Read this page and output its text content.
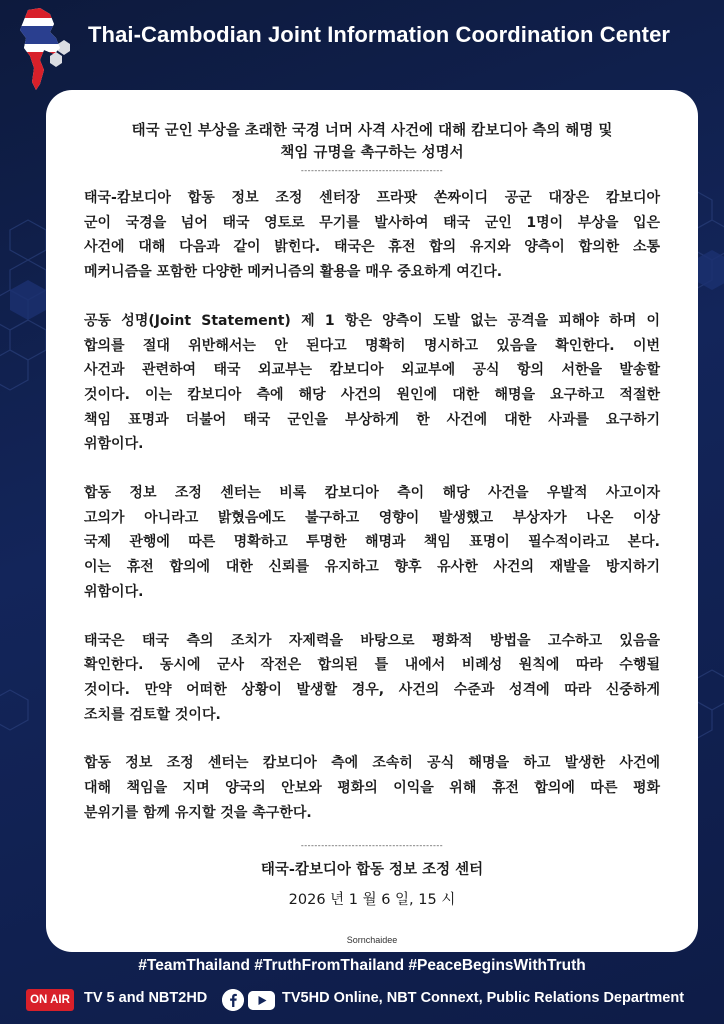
Thai-Cambodian Joint Information Coordination Center
태국 군인 부상을 초래한 국경 너머 사격 사건에 대해 캄보디아 측의 해명 및
책임 규명을 촉구하는 성명서
------------------------------------------
태국-캄보디아 합동 정보 조정 센터장 프라팟 쏜짜이디 공군 대장은 캄보디아
군이 국경을 넘어 태국 영토로 무기를 발사하여 태국 군인 1명이 부상을 입은
사건에 대해 다음과 같이 밝힌다. 태국은 휴전 합의 유지와 양측이 합의한 소통
메커니즘을 포함한 다양한 메커니즘의 활용을 매우 중요하게 여긴다.
공동 성명(Joint Statement) 제 1 항은 양측이 도발 없는 공격을 피해야 하며 이
합의를 절대 위반해서는 안 된다고 명확히 명시하고 있음을 확인한다. 이번
사건과 관련하여 태국 외교부는 캄보디아 외교부에 공식 항의 서한을 발송할
것이다. 이는 캄보디아 측에 해당 사건의 원인에 대한 해명을 요구하고 적절한
책임 표명과 더불어 태국 군인을 부상하게 한 사건에 대한 사과를 요구하기
위함이다.
합동 정보 조정 센터는 비록 캄보디아 측이 해당 사건을 우발적 사고이자
고의가 아니라고 밝혔음에도 불구하고 영향이 발생했고 부상자가 나온 이상
국제 관행에 따른 명확하고 투명한 해명과 책임 표명이 필수적이라고 본다.
이는 휴전 합의에 대한 신뢰를 유지하고 향후 유사한 사건의 재발을 방지하기
위함이다.
태국은 태국 측의 조치가 자제력을 바탕으로 평화적 방법을 고수하고 있음을
확인한다. 동시에 군사 작전은 합의된 틀 내에서 비례성 원칙에 따라 수행될
것이다. 만약 어떠한 상황이 발생할 경우, 사건의 수준과 성격에 따라 신중하게
조치를 검토할 것이다.
합동 정보 조정 센터는 캄보디아 측에 조속히 공식 해명을 하고 발생한 사건에
대해 책임을 지며 양국의 안보와 평화의 이익을 위해 휴전 합의에 따른 평화
분위기를 함께 유지할 것을 촉구한다.
------------------------------------------
태국-캄보디아 합동 정보 조정 센터
2026 년 1 월 6 일, 15 시
Sornchaidee
#TeamThailand #TruthFromThailand #PeaceBeginsWithTruth
ON AIR TV 5 and NBT2HD	TV5HD Online, NBT Connext, Public Relations Department
